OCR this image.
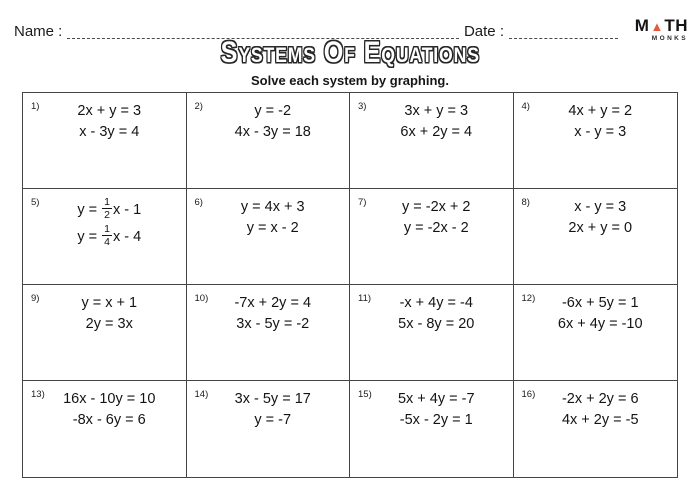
Name :	Date :	M ▲ TH
MONKS
Systems Of Equations
Solve each system by graphing.
1)	2x + y = 3
x - 3y = 4
2)	y = -2
4x - 3y = 18
3)	3x + y = 3
6x + 2y = 4
4)	4x + y = 2
x - y = 3
5)	$y = \frac{1}{2}$ x - 1
$y = \frac{1}{4}$ x - 4
6)	y = 4x + 3
y = x - 2
7)	y = -2x + 2
y = -2x - 2
8)	x - y = 3
2x + y = 0
9)	y = x + 1
2y = 3x
10)	-7x + 2y = 4
3x - 5y = -2
11)	-x + 4y = -4
5x - 8y = 20
12)	-6x + 5y = 1
6x + 4y = -10
13)	16x - 10y = 10
-8x - 6y = 6
14)	3x - 5y = 17
y = -7
15)	5x + 4y = -7
-5x - 2y = 1
16)	-2x + 2y = 6
4x + 2y = -5
